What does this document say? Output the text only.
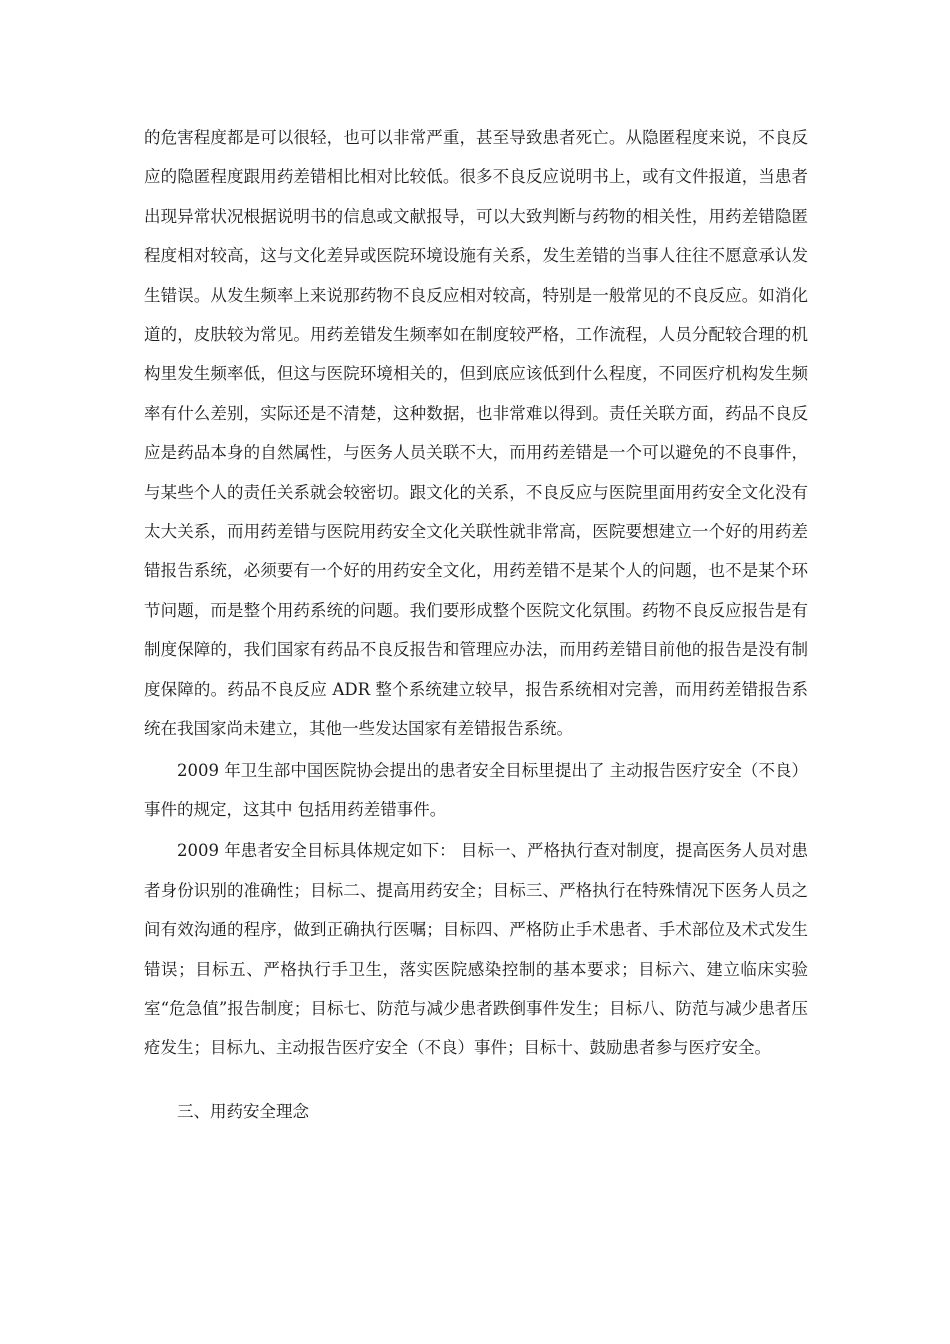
的危害程度都是可以很轻，也可以非常严重，甚至导致患者死亡。从隐匿程度来说，不良反应的隐匿程度跟用药差错相比相对比较低。很多不良反应说明书上，或有文件报道，当患者出现异常状况根据说明书的信息或文献报导，可以大致判断与药物的相关性，用药差错隐匿程度相对较高，这与文化差异或医院环境设施有关系，发生差错的当事人往往不愿意承认发生错误。从发生频率上来说那药物不良反应相对较高，特别是一般常见的不良反应。如消化道的，皮肤较为常见。用药差错发生频率如在制度较严格，工作流程，人员分配较合理的机构里发生频率低，但这与医院环境相关的，但到底应该低到什么程度，不同医疗机构发生频率有什么差别，实际还是不清楚，这种数据，也非常难以得到。责任关联方面，药品不良反应是药品本身的自然属性，与医务人员关联不大，而用药差错是一个可以避免的不良事件，与某些个人的责任关系就会较密切。跟文化的关系，不良反应与医院里面用药安全文化没有太大关系，而用药差错与医院用药安全文化关联性就非常高，医院要想建立一个好的用药差错报告系统，必须要有一个好的用药安全文化，用药差错不是某个人的问题，也不是某个环节问题，而是整个用药系统的问题。我们要形成整个医院文化氛围。药物不良反应报告是有制度保障的，我们国家有药品不良反报告和管理应办法，而用药差错目前他的报告是没有制度保障的。药品不良反应 ADR 整个系统建立较早，报告系统相对完善，而用药差错报告系统在我国家尚未建立，其他一些发达国家有差错报告系统。

2009 年卫生部中国医院协会提出的患者安全目标里提出了 主动报告医疗安全（不良）事件的规定，这其中 包括用药差错事件。

2009 年患者安全目标具体规定如下： 目标一、严格执行查对制度，提高医务人员对患者身份识别的准确性；目标二、提高用药安全；目标三、严格执行在特殊情况下医务人员之间有效沟通的程序，做到正确执行医嘱；目标四、严格防止手术患者、手术部位及术式发生错误；目标五、严格执行手卫生，落实医院感染控制的基本要求；目标六、建立临床实验室“危急值”报告制度；目标七、防范与减少患者跌倒事件发生；目标八、防范与减少患者压疮发生；目标九、主动报告医疗安全（不良）事件；目标十、鼓励患者参与医疗安全。

三、用药安全理念
